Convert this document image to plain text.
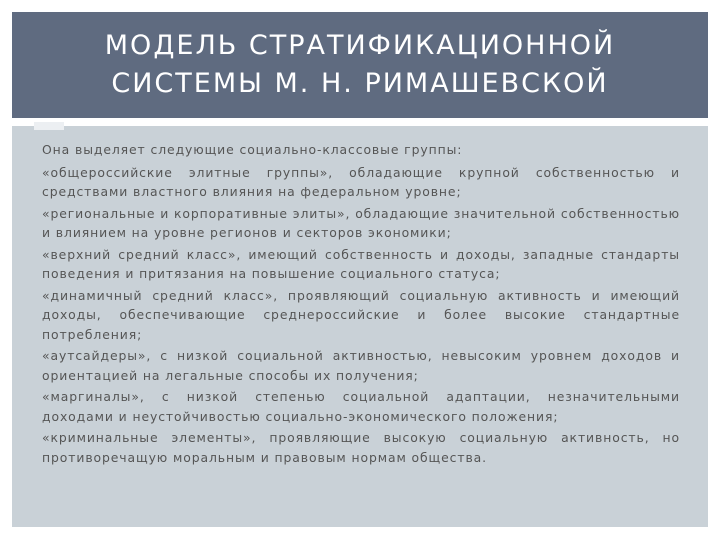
МОДЕЛЬ СТРАТИФИКАЦИОННОЙ
СИСТЕМЫ М. Н. РИМАШЕВСКОЙ

Она выделяет следующие социально-классовые группы:

«общероссийские элитные группы», обладающие крупной собственностью и средствами властного влияния на федеральном уровне;

«региональные и корпоративные элиты», обладающие значительной собственностью и влиянием на уровне регионов и секторов экономики;

«верхний средний класс», имеющий собственность и доходы, западные стандарты поведения и притязания на повышение социального статуса;

«динамичный средний класс», проявляющий социальную активность и имеющий доходы, обеспечивающие среднероссийские и более высокие стандартные потребления;

«аутсайдеры», с низкой социальной активностью, невысоким уровнем доходов и ориентацией на легальные способы их получения;

«маргиналы», с низкой степенью социальной адаптации, незначительными доходами и неустойчивостью социально-экономического положения;

«криминальные элементы», проявляющие высокую социальную активность, но противоречащую моральным и правовым нормам общества.
